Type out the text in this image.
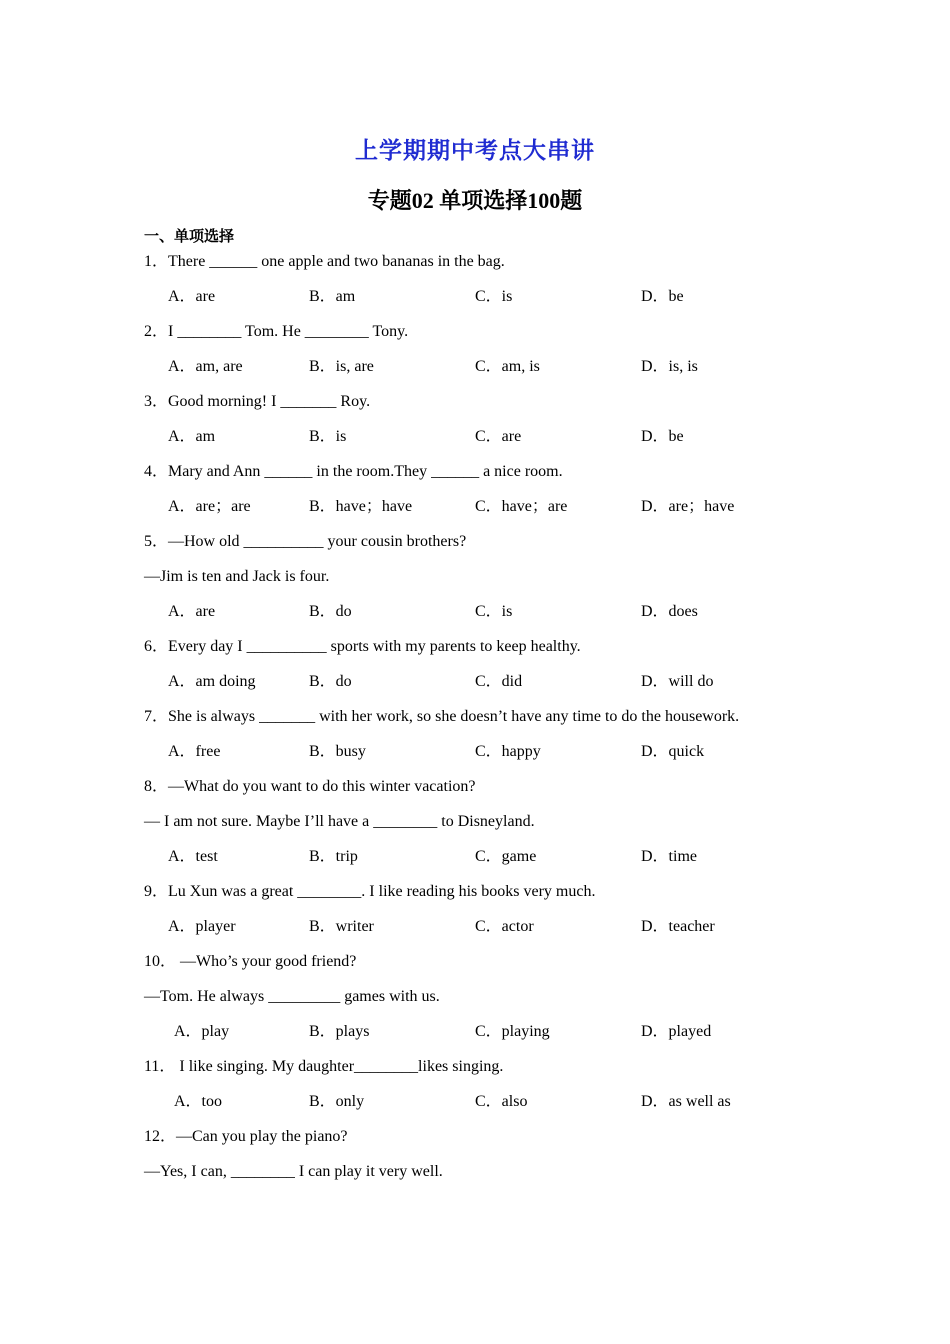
上学期期中考点大串讲
专题02 单项选择100题
一、单项选择
1．There ______ one apple and two bananas in the bag.
A．are	B．am	C．is	D．be
2．I ________ Tom. He ________ Tony.
A．am, are	B．is, are	C．am, is	D．is, is
3．Good morning! I _______ Roy.
A．am	B．is	C．are	D．be
4．Mary and Ann ______ in the room.They ______ a nice room.
A．are；are	B．have；have	C．have；are	D．are；have
5．—How old __________ your cousin brothers?
—Jim is ten and Jack is four.
A．are	B．do	C．is	D．does
6．Every day I __________ sports with my parents to keep healthy.
A．am doing	B．do	C．did	D．will do
7．She is always _______ with her work, so she doesn’t have any time to do the housework.
A．free	B．busy	C．happy	D．quick
8．—What do you want to do this winter vacation?
— I am not sure. Maybe I’ll have a ________ to Disneyland.
A．test	B．trip	C．game	D．time
9．Lu Xun was a great ________. I like reading his books very much.
A．player	B．writer	C．actor	D．teacher
10． —Who’s your good friend?
—Tom. He always _________ games with us.
A．play	B．plays	C．playing	D．played
11． I like singing. My daughter________likes singing.
A．too	B．only	C．also	D．as well as
12．—Can you play the piano?
—Yes, I can, ________ I can play it very well.
